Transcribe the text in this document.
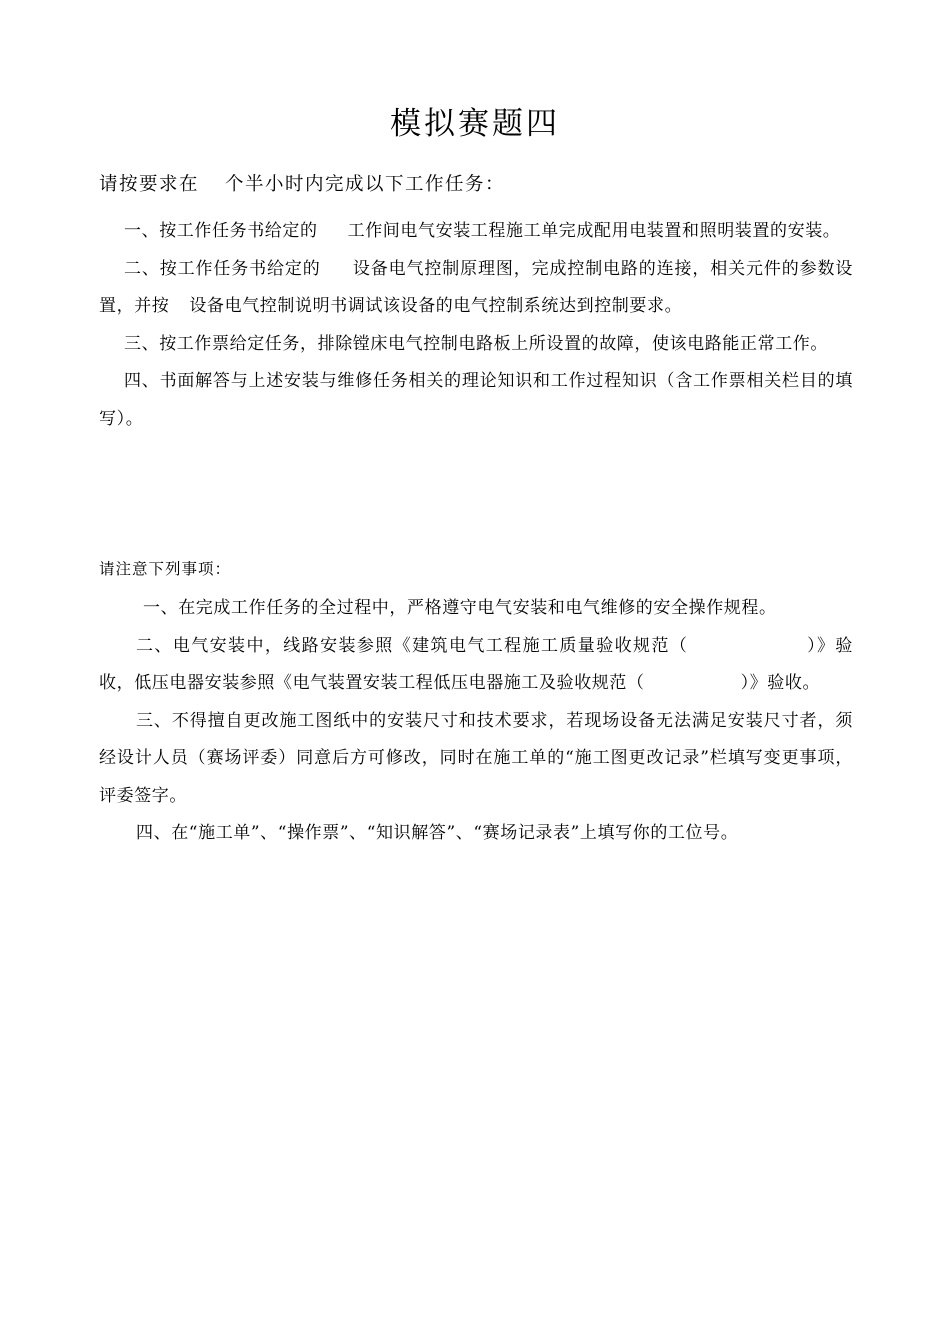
模拟赛题四

请按要求在 个半小时内完成以下工作任务：

一、按工作任务书给定的 工作间电气安装工程施工单完成配用电装置和照明装置的安装。

二、按工作任务书给定的 设备电气控制原理图，完成控制电路的连接，相关元件的参数设置，并按 设备电气控制说明书调试该设备的电气控制系统达到控制要求。

三、按工作票给定任务，排除镗床电气控制电路板上所设置的故障，使该电路能正常工作。

四、书面解答与上述安装与维修任务相关的理论知识和工作过程知识（含工作票相关栏目的填写）。

请注意下列事项：

一、在完成工作任务的全过程中，严格遵守电气安装和电气维修的安全操作规程。

二、电气安装中，线路安装参照《建筑电气工程施工质量验收规范（	）》验收，低压电器安装参照《电气装置安装工程低压电器施工及验收规范（	）》验收。

三、不得擅自更改施工图纸中的安装尺寸和技术要求，若现场设备无法满足安装尺寸者，须经设计人员（赛场评委）同意后方可修改，同时在施工单的“施工图更改记录”栏填写变更事项，评委签字。

四、在“施工单”、“操作票”、“知识解答”、“赛场记录表”上填写你的工位号。
